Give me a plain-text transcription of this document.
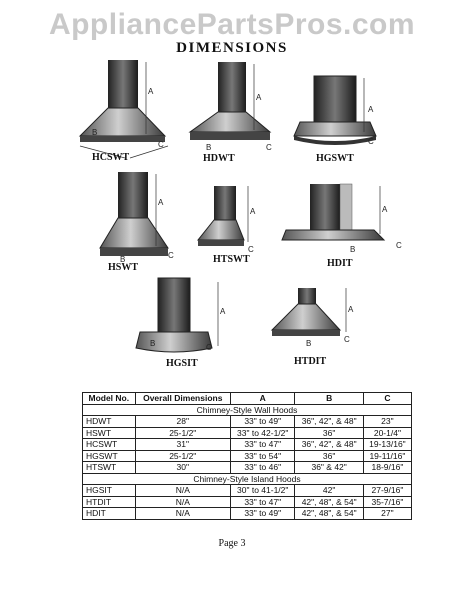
AppliancePartsPros.com
DIMENSIONS
A
B
C
A
B	C
A
C
A
B	C
A
C
A
B	C
A
B	C
A
B	C
HCSWT	HDWT	HGSWT
HSWT
HTSWT	HDIT
HGSIT	HTDIT
Model No.	Overall Dimensions	A	B	C
Chimney-Style Wall Hoods				
HDWT	28"	33" to 49"	36", 42", & 48"	23"
HSWT	25-1/2"	33" to 42-1/2"	36"	20-1/4"
HCSWT	31"	33" to 47"	36", 42", & 48"	19-13/16"
HGSWT	25-1/2"	33" to 54"	36"	19-11/16"
HTSWT	30"	33" to 46"	36" & 42"	18-9/16"
Chimney-Style Island Hoods				
HGSIT	N/A	30" to 41-1/2"	42"	27-9/16"
HTDIT	N/A	33" to 47"	42", 48", & 54"	35-7/16"
HDIT	N/A	33" to 49"	42", 48", & 54"	27"
Page 3
